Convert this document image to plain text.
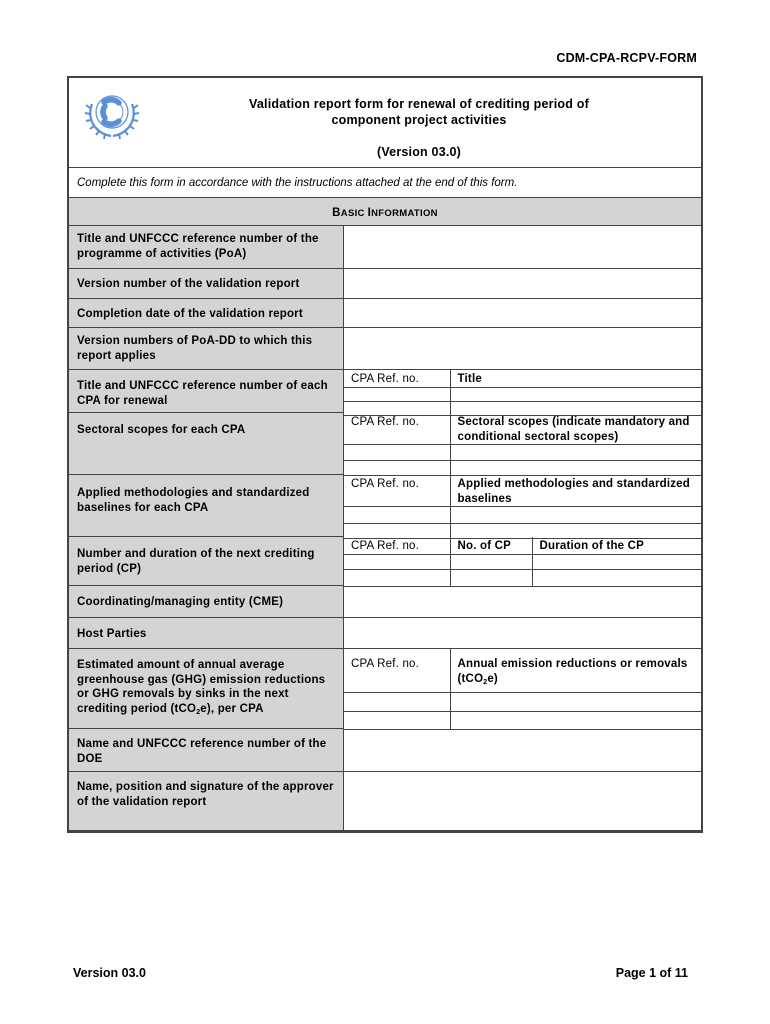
CDM-CPA-RCPV-FORM
Validation report form for renewal of crediting period of
component project activities
(Version 03.0)
Complete this form in accordance with the instructions attached at the end of this form.
BASIC INFORMATION
Title and UNFCCC reference number of the programme of activities (PoA)
Version number of the validation report
Completion date of the validation report
Version numbers of PoA-DD to which this report applies
Title and UNFCCC reference number of each CPA for renewal
CPA Ref. no.	Title

Sectoral scopes for each CPA
CPA Ref. no.	Sectoral scopes (indicate mandatory and conditional sectoral scopes)

Applied methodologies and standardized baselines for each CPA
CPA Ref. no.	Applied methodologies and standardized baselines

Number and duration of the next crediting period (CP)
CPA Ref. no.	No. of CP	Duration of the CP

Coordinating/managing entity (CME)
Host Parties
Estimated amount of annual average greenhouse gas (GHG) emission reductions or GHG removals by sinks in the next crediting period (tCO$_2$e), per CPA
CPA Ref. no.	Annual emission reductions or removals (tCO$_2$e)

Name and UNFCCC reference number of the DOE
Name, position and signature of the approver of the validation report
Version 03.0	Page 1 of 11
